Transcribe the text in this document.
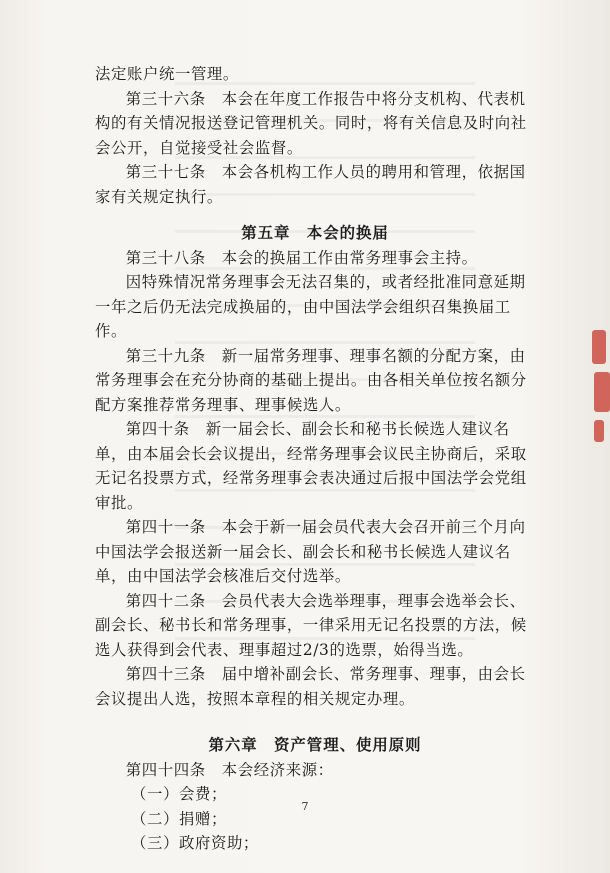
法定账户统一管理。

第三十六条　本会在年度工作报告中将分支机构、代表机构的有关情况报送登记管理机关。同时，将有关信息及时向社会公开，自觉接受社会监督。

第三十七条　本会各机构工作人员的聘用和管理，依据国家有关规定执行。

第五章　本会的换届

第三十八条　本会的换届工作由常务理事会主持。

因特殊情况常务理事会无法召集的，或者经批准同意延期一年之后仍无法完成换届的，由中国法学会组织召集换届工作。

第三十九条　新一届常务理事、理事名额的分配方案，由常务理事会在充分协商的基础上提出。由各相关单位按名额分配方案推荐常务理事、理事候选人。

第四十条　新一届会长、副会长和秘书长候选人建议名单，由本届会长会议提出，经常务理事会议民主协商后，采取无记名投票方式，经常务理事会表决通过后报中国法学会党组审批。

第四十一条　本会于新一届会员代表大会召开前三个月向中国法学会报送新一届会长、副会长和秘书长候选人建议名单，由中国法学会核准后交付选举。

第四十二条　会员代表大会选举理事，理事会选举会长、副会长、秘书长和常务理事，一律采用无记名投票的方法，候选人获得到会代表、理事超过2/3的选票，始得当选。

第四十三条　届中增补副会长、常务理事、理事，由会长会议提出人选，按照本章程的相关规定办理。

第六章　资产管理、使用原则

第四十四条　本会经济来源：

（一）会费；

（二）捐赠；

（三）政府资助；

7
